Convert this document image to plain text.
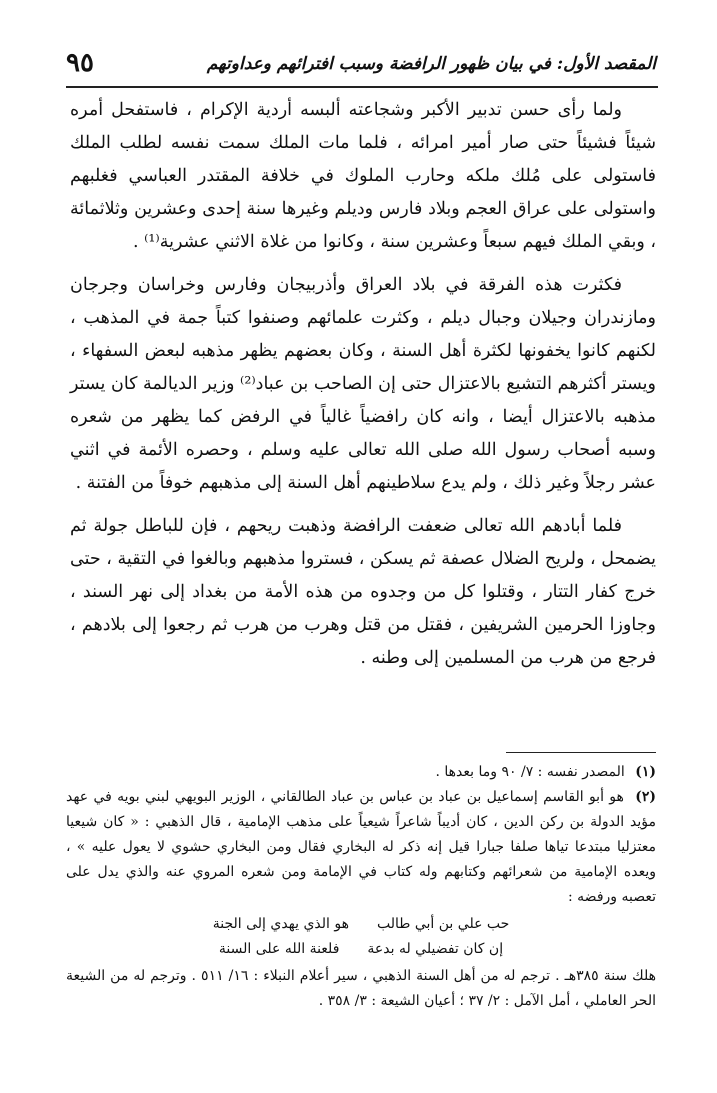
المقصد الأول: في بيان ظهور الرافضة وسبب افترائهم وعداوتهم
٩٥

ولما رأى حسن تدبير الأكبر وشجاعته ألبسه أردية الإكرام ، فاستفحل أمره شيئاً فشيئاً حتى صار أمير امرائه ، فلما مات الملك سمت نفسه لطلب الملك فاستولى على مُلك ملكه وحارب الملوك في خلافة المقتدر العباسي فغلبهم واستولى على عراق العجم وبلاد فارس وديلم وغيرها سنة إحدى وعشرين وثلاثمائة ، وبقي الملك فيهم سبعاً وعشرين سنة ، وكانوا من غلاة الاثني عشرية⁽¹⁾ .

فكثرت هذه الفرقة في بلاد العراق وأذربيجان وفارس وخراسان وجرجان ومازندران وجيلان وجبال ديلم ، وكثرت علمائهم وصنفوا كتباً جمة في المذهب ، لكنهم كانوا يخفونها لكثرة أهل السنة ، وكان بعضهم يظهر مذهبه لبعض السفهاء ، ويستر أكثرهم التشيع بالاعتزال حتى إن الصاحب بن عباد⁽²⁾ وزير الديالمة كان يستر مذهبه بالاعتزال أيضا ، وانه كان رافضياً غالياً في الرفض كما يظهر من شعره وسبه أصحاب رسول الله صلى الله تعالى عليه وسلم ، وحصره الأئمة في اثني عشر رجلاً وغير ذلك ، ولم يدع سلاطينهم أهل السنة إلى مذهبهم خوفاً من الفتنة .

فلما أبادهم الله تعالى ضعفت الرافضة وذهبت ريحهم ، فإن للباطل جولة ثم يضمحل ، ولريح الضلال عصفة ثم يسكن ، فستروا مذهبهم وبالغوا في التقية ، حتى خرج كفار التتار ، وقتلوا كل من وجدوه من هذه الأمة من بغداد إلى نهر السند ، وجاوزا الحرمين الشريفين ، فقتل من قتل وهرب من هرب ثم رجعوا إلى بلادهم ، فرجع من هرب من المسلمين إلى وطنه .

(١) المصدر نفسه : ٧/ ٩٠ وما بعدها .

(٢) هو أبو القاسم إسماعيل بن عباد بن عباس بن عباد الطالقاني ، الوزير البويهي لبني بويه في عهد مؤيد الدولة بن ركن الدين ، كان أديباً شاعراً شيعياً على مذهب الإمامية ، قال الذهبي : « كان شيعيا معتزليا مبتدعا تياها صلفا جبارا قيل إنه ذكر له البخاري فقال ومن البخاري حشوي لا يعول عليه » ، ويعده الإمامية من شعرائهم وكتابهم وله كتاب في الإمامة ومن شعره المروي عنه والذي يدل على تعصبه ورفضه :

حب علي بن أبي طالب
هو الذي يهدي إلى الجنة
إن كان تفضيلي له بدعة
فلعنة الله على السنة

هلك سنة ٣٨٥هـ . ترجم له من أهل السنة الذهبي ، سير أعلام النبلاء : ١٦/ ٥١١ . وترجم له من الشيعة الحر العاملي ، أمل الآمل : ٢/ ٣٧ ؛ أعيان الشيعة : ٣/ ٣٥٨ .
